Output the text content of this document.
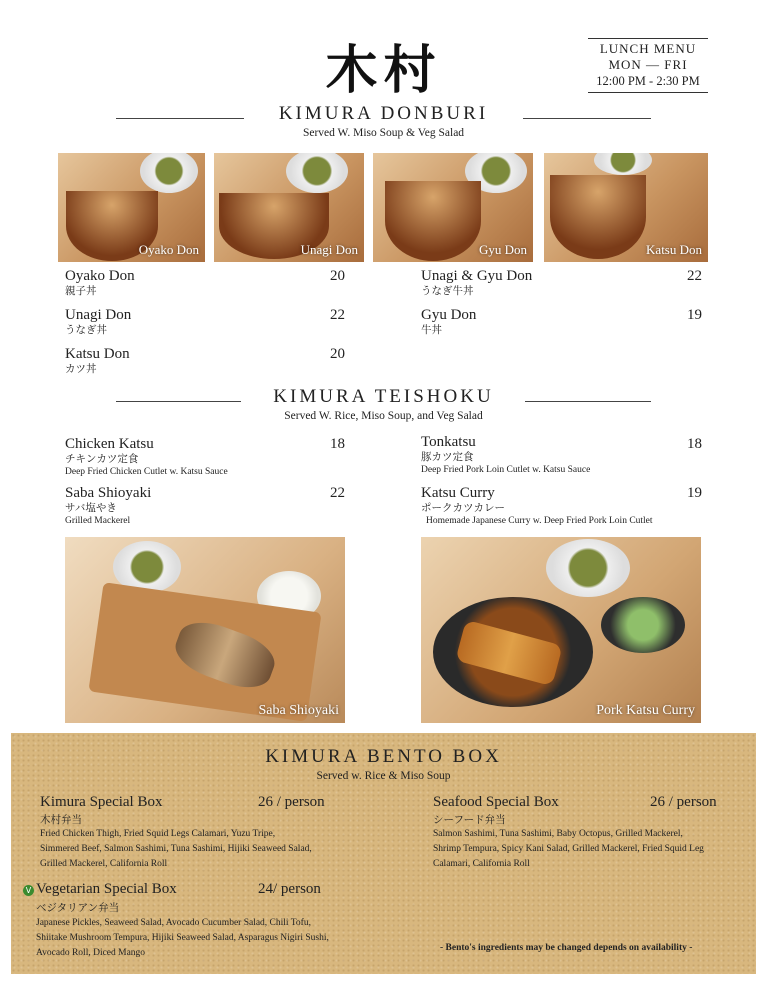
木村	LUNCH MENU
MON — FRI
12:00 PM - 2:30 PM
KIMURA DONBURI
Served W. Miso Soup & Veg Salad
Oyako Don	Unagi Don	Gyu Don	Katsu Don
Oyako Don
親子丼
20
Unagi Don
うなぎ丼
22
Katsu Don
カツ丼
20
Unagi & Gyu Don
うなぎ牛丼
22
Gyu Don
牛丼
19
KIMURA TEISHOKU
Served W. Rice, Miso Soup, and Veg Salad
Chicken Katsu
チキンカツ定食
Deep Fried Chicken Cutlet w. Katsu Sauce
18
Saba Shioyaki
サバ塩やき
Grilled Mackerel
22
Tonkatsu
豚カツ定食
Deep Fried Pork Loin Cutlet w. Katsu Sauce
18
Katsu Curry
ポークカツカレー
Homemade Japanese Curry w. Deep Fried Pork Loin Cutlet
19
Saba Shioyaki	Pork Katsu Curry
KIMURA BENTO BOX
Served w. Rice & Miso Soup
Kimura Special Box	26 / person
木村弁当
Fried Chicken Thigh, Fried Squid Legs Calamari, Yuzu Tripe,
Simmered Beef, Salmon Sashimi, Tuna Sashimi, Hijiki Seaweed Salad,
Grilled Mackerel, California Roll
Seafood Special Box	26 / person
シーフード弁当
Salmon Sashimi, Tuna Sashimi, Baby Octopus, Grilled Mackerel,
Shrimp Tempura, Spicy Kani Salad, Grilled Mackerel, Fried Squid Leg
Calamari, California Roll
V Vegetarian Special Box	24/ person
ベジタリアン弁当
Japanese Pickles, Seaweed Salad, Avocado Cucumber Salad, Chili Tofu,
Shiitake Mushroom Tempura, Hijiki Seaweed Salad, Asparagus Nigiri Sushi,
Avocado Roll, Diced Mango	- Bento's ingredients may be changed depends on availability -
